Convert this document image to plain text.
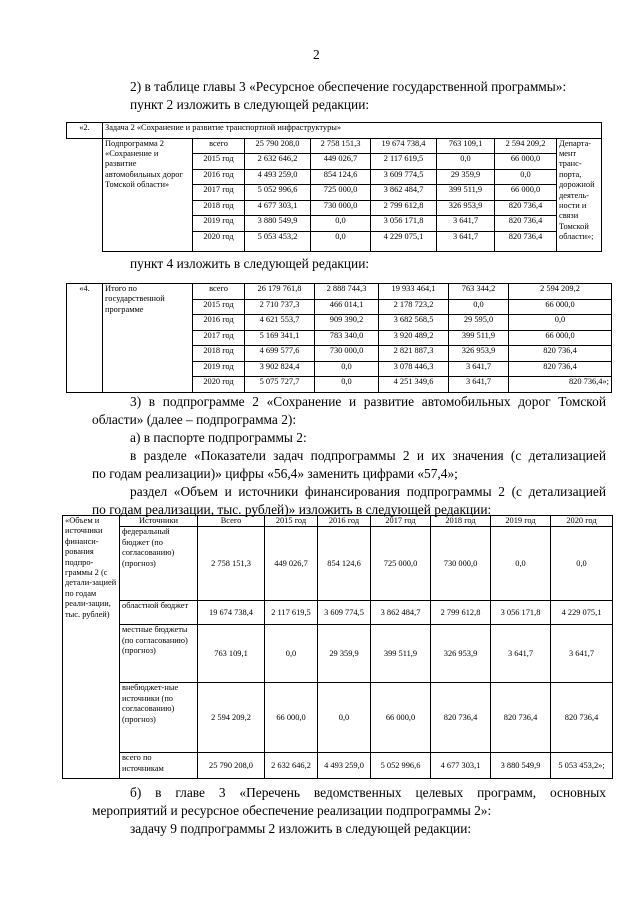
2
2) в таблице главы 3 «Ресурсное обеспечение государственной программы»:
пункт 2 изложить в следующей редакции:
«2.	Задача 2 «Сохранение и развитие транспортной инфраструктуры»							
	Подпрограмма 2 «Сохранение и развитие автомобильных дорог Томской области»	всего	25 790 208,0	2 758 151,3	19 674 738,4	763 109,1	2 594 209,2	Департа-мент транс-порта, дорожной деятель-ности и связи Томской области»;
		2015 год	2 632 646,2	449 026,7	2 117 619,5	0,0	66 000,0	
		2016 год	4 493 259,0	854 124,6	3 609 774,5	29 359,9	0,0	
		2017 год	5 052 996,6	725 000,0	3 862 484,7	399 511,9	66 000,0	
		2018 год	4 677 303,1	730 000,0	2 799 612,8	326 953,9	820 736,4	
		2019 год	3 880 549,9	0,0	3 056 171,8	3 641,7	820 736,4	
		2020 год	5 053 453,2	0,0	4 229 075,1	3 641,7	820 736,4	
пункт 4 изложить в следующей редакции:
«4.	Итого по государственной программе	всего	26 179 761,8	2 888 744,3	19 933 464,1	763 344,2	2 594 209,2
		2015 год	2 710 737,3	466 014,1	2 178 723,2	0,0	66 000,0
		2016 год	4 621 553,7	909 390,2	3 682 568,5	29 595,0	0,0
		2017 год	5 169 341,1	783 340,0	3 920 489,2	399 511,9	66 000,0
		2018 год	4 699 577,6	730 000,0	2 821 887,3	326 953,9	820 736,4
		2019 год	3 902 824,4	0,0	3 078 446,3	3 641,7	820 736,4
		2020 год	5 075 727,7	0,0	4 251 349,6	3 641,7	820 736,4»;
3) в подпрограмме 2 «Сохранение и развитие автомобильных дорог Томской
области» (далее – подпрограмма 2):
а) в паспорте подпрограммы 2:
в разделе «Показатели задач подпрограммы 2 и их значения (с детализацией
по годам реализации)» цифры «56,4» заменить цифрами «57,4»;
раздел «Объем и источники финансирования подпрограммы 2 (с детализацией
по годам реализации, тыс. рублей)» изложить в следующей редакции:
«Объем и источники финанси-рования подпро-граммы 2 (с детали-зацией по годам реали-зации, тыс. рублей)	Источники	Всего	2015 год	2016 год	2017 год	2018 год	2019 год	2020 год
	федеральный бюджет (по согласованию) (прогноз)	2 758 151,3	449 026,7	854 124,6	725 000,0	730 000,0	0,0	0,0
	областной бюджет	19 674 738,4	2 117 619,5	3 609 774,5	3 862 484,7	2 799 612,8	3 056 171,8	4 229 075,1
	местные бюджеты (по согласованию) (прогноз)	763 109,1	0,0	29 359,9	399 511,9	326 953,9	3 641,7	3 641,7
	внебюджет-ные источники (по согласованию) (прогноз)	2 594 209,2	66 000,0	0,0	66 000,0	820 736,4	820 736,4	820 736,4
	всего по источникам	25 790 208,0	2 632 646,2	4 493 259,0	5 052 996,6	4 677 303,1	3 880 549,9	5 053 453,2»;
б) в главе 3 «Перечень ведомственных целевых программ, основных
мероприятий и ресурсное обеспечение реализации подпрограммы 2»:
задачу 9 подпрограммы 2 изложить в следующей редакции:
